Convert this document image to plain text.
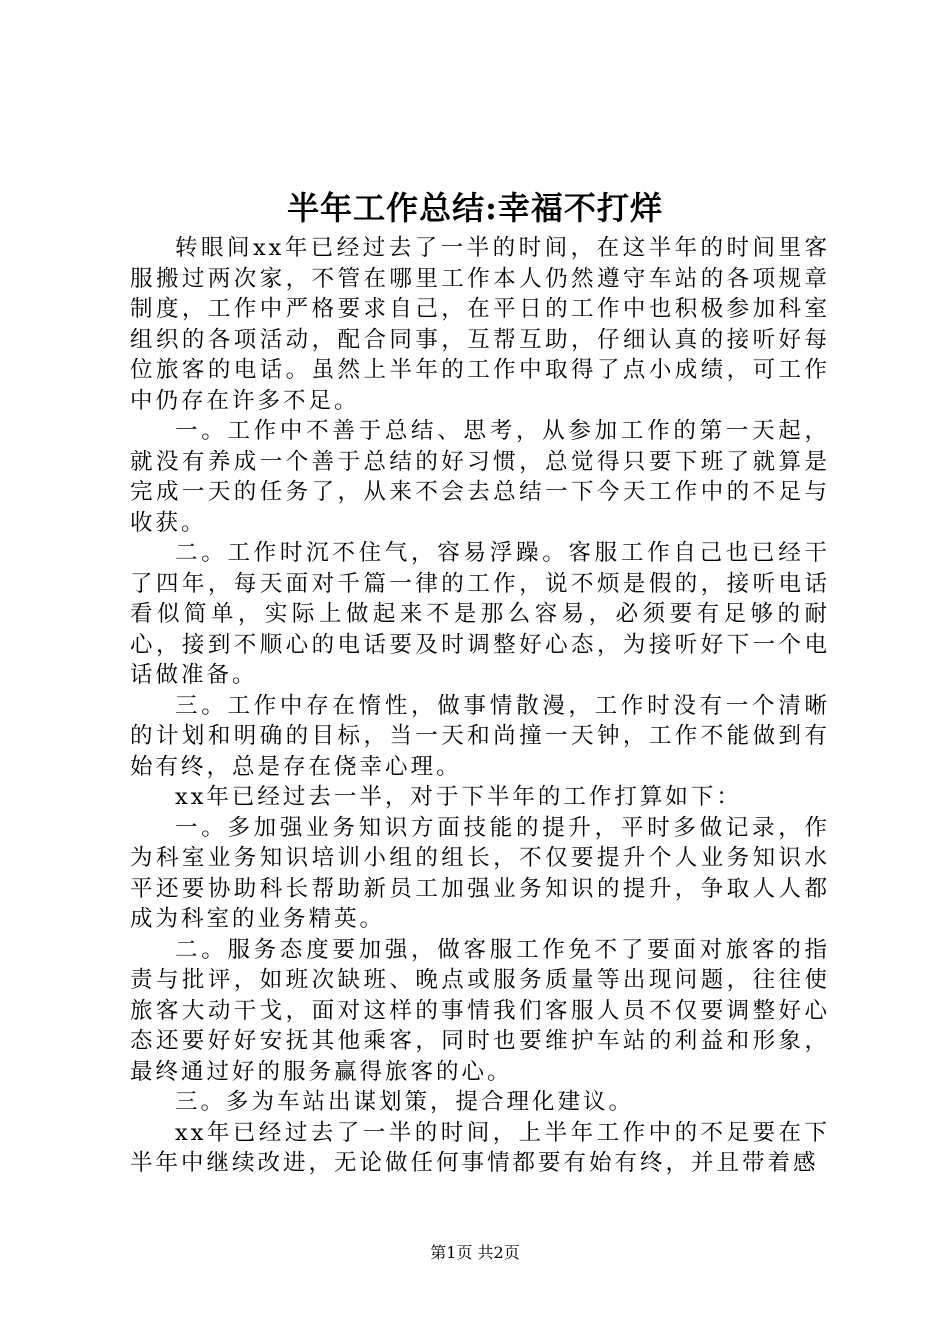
半年工作总结:幸福不打烊

转眼间xx年已经过去了一半的时间，在这半年的时间里客服搬过两次家，不管在哪里工作本人仍然遵守车站的各项规章制度，工作中严格要求自己，在平日的工作中也积极参加科室组织的各项活动，配合同事，互帮互助，仔细认真的接听好每位旅客的电话。虽然上半年的工作中取得了点小成绩，可工作中仍存在许多不足。

一。工作中不善于总结、思考，从参加工作的第一天起，就没有养成一个善于总结的好习惯，总觉得只要下班了就算是完成一天的任务了，从来不会去总结一下今天工作中的不足与收获。

二。工作时沉不住气，容易浮躁。客服工作自己也已经干了四年，每天面对千篇一律的工作，说不烦是假的，接听电话看似简单，实际上做起来不是那么容易，必须要有足够的耐心，接到不顺心的电话要及时调整好心态，为接听好下一个电话做准备。

三。工作中存在惰性，做事情散漫，工作时没有一个清晰的计划和明确的目标，当一天和尚撞一天钟，工作不能做到有始有终，总是存在侥幸心理。

xx年已经过去一半，对于下半年的工作打算如下：

一。多加强业务知识方面技能的提升，平时多做记录，作为科室业务知识培训小组的组长，不仅要提升个人业务知识水平还要协助科长帮助新员工加强业务知识的提升，争取人人都成为科室的业务精英。

二。服务态度要加强，做客服工作免不了要面对旅客的指责与批评，如班次缺班、晚点或服务质量等出现问题，往往使旅客大动干戈，面对这样的事情我们客服人员不仅要调整好心态还要好好安抚其他乘客，同时也要维护车站的利益和形象，最终通过好的服务赢得旅客的心。

三。多为车站出谋划策，提合理化建议。

xx年已经过去了一半的时间，上半年工作中的不足要在下半年中继续改进，无论做任何事情都要有始有终，并且带着感

第1页 共2页
